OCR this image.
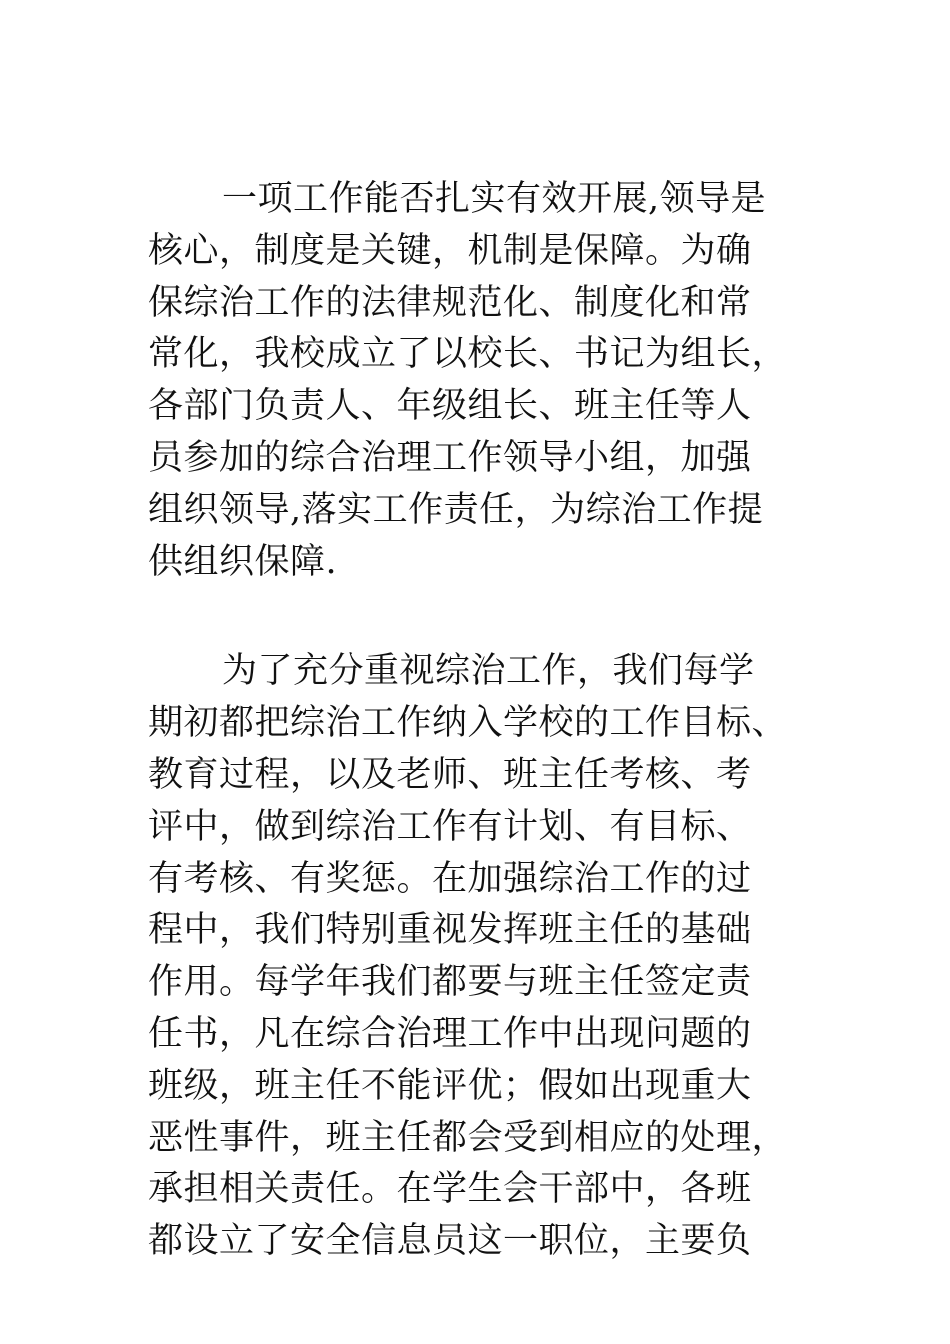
一项工作能否扎实有效开展,领导是
核心，制度是关键，机制是保障。为确
保综治工作的法律规范化、制度化和常
常化，我校成立了以校长、书记为组长，
各部门负责人、年级组长、班主任等人
员参加的综合治理工作领导小组，加强
组织领导,落实工作责任，为综治工作提
供组织保障.

为了充分重视综治工作，我们每学
期初都把综治工作纳入学校的工作目标、
教育过程，以及老师、班主任考核、考
评中，做到综治工作有计划、有目标、
有考核、有奖惩。在加强综治工作的过
程中，我们特别重视发挥班主任的基础
作用。每学年我们都要与班主任签定责
任书，凡在综合治理工作中出现问题的
班级，班主任不能评优；假如出现重大
恶性事件，班主任都会受到相应的处理，
承担相关责任。在学生会干部中，各班
都设立了安全信息员这一职位，主要负
